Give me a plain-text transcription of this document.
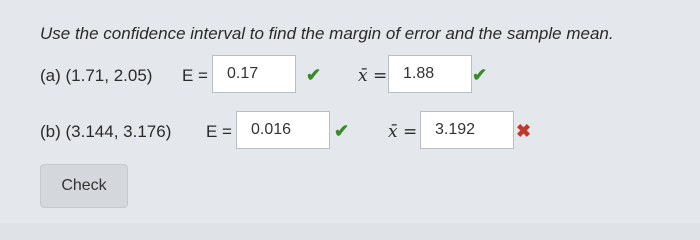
Use the confidence interval to find the margin of error and the sample mean.
(a) (1.71, 2.05) E =	0.17	✔ x̄ = 1.88	✔
(b) (3.144, 3.176) E =	0.016	✔ x̄ =	3.192	✖
Check
